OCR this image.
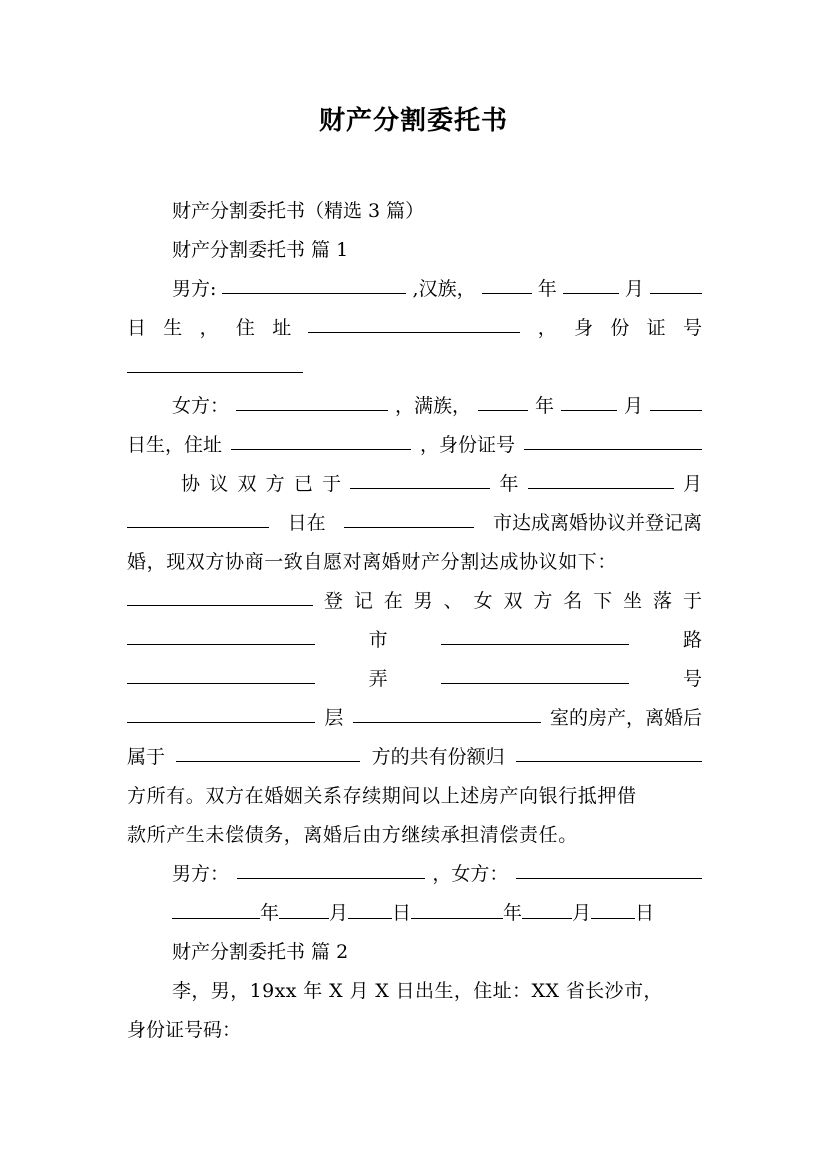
财产分割委托书
财产分割委托书（精选 3 篇）
财产分割委托书 篇 1
男方:	,汉族，	年	月
日 生 ， 住 址	， 身 份 证 号
女方：	，满族，	年	月
日生，住址	，身份证号
协 议 双 方 已 于	年	月
日在	市达成离婚协议并登记离
婚，现双方协商一致自愿对离婚财产分割达成协议如下：
登 记 在 男 、 女 双 方 名 下 坐 落 于
市	路
弄	号
层	室的房产，离婚后
属于	方的共有份额归
方所有。双方在婚姻关系存续期间以上述房产向银行抵押借
款所产生未偿债务，离婚后由方继续承担清偿责任。
男方：	，女方：
年	月 日	年	月 日
财产分割委托书 篇 2
李，男，19xx 年 X 月 X 日出生，住址：XX 省长沙市，
身份证号码：
